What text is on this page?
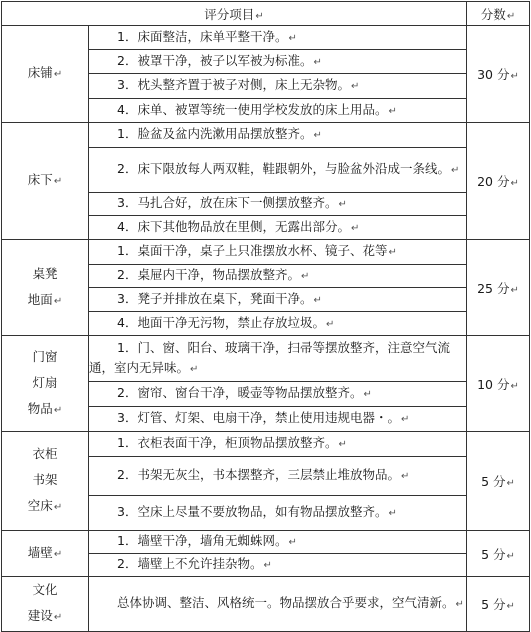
评分项目↵		分数↵

床铺↵	1．床面整洁，床单平整干净。↵	30 分↵

	2．被罩干净，被子以军被为标准。↵	

	3．枕头整齐置于被子对侧，床上无杂物。↵	

	4．床单、被罩等统一使用学校发放的床上用品。↵	

床下↵	1．脸盆及盆内洗漱用品摆放整齐。↵	20 分↵

	2．床下限放每人两双鞋，鞋跟朝外，与脸盆外沿成一条线。↵	

	3．马扎合好，放在床下一侧摆放整齐。↵	

	4．床下其他物品放在里侧，无露出部分。↵	

桌凳
地面↵	1．桌面干净，桌子上只准摆放水杯、镜子、花等↵	25 分↵

	2．桌屉内干净，物品摆放整齐。↵	

	3．凳子并排放在桌下，凳面干净。↵	

	4．地面干净无污物，禁止存放垃圾。↵	

门窗
灯扇
物品↵	1．门、窗、阳台、玻璃干净，扫帚等摆放整齐，注意空气流通，室内无异味。↵	10 分↵

	2．窗帘、窗台干净，暖壶等物品摆放整齐。↵	

	3．灯管、灯架、电扇干净，禁止使用违规电器・。↵	

衣柜
书架
空床↵	1．衣柜表面干净，柜顶物品摆放整齐。↵	5 分↵

	2．书架无灰尘，书本摆整齐，三层禁止堆放物品。↵	

	3．空床上尽量不要放物品，如有物品摆放整齐。↵	

墙壁↵	1．墙壁干净，墙角无蜘蛛网。↵	5 分↵

	2．墙壁上不允许挂杂物。↵	

文化
建设↵	总体协调、整洁、风格统一。物品摆放合乎要求，空气清新。↵	5 分↵
